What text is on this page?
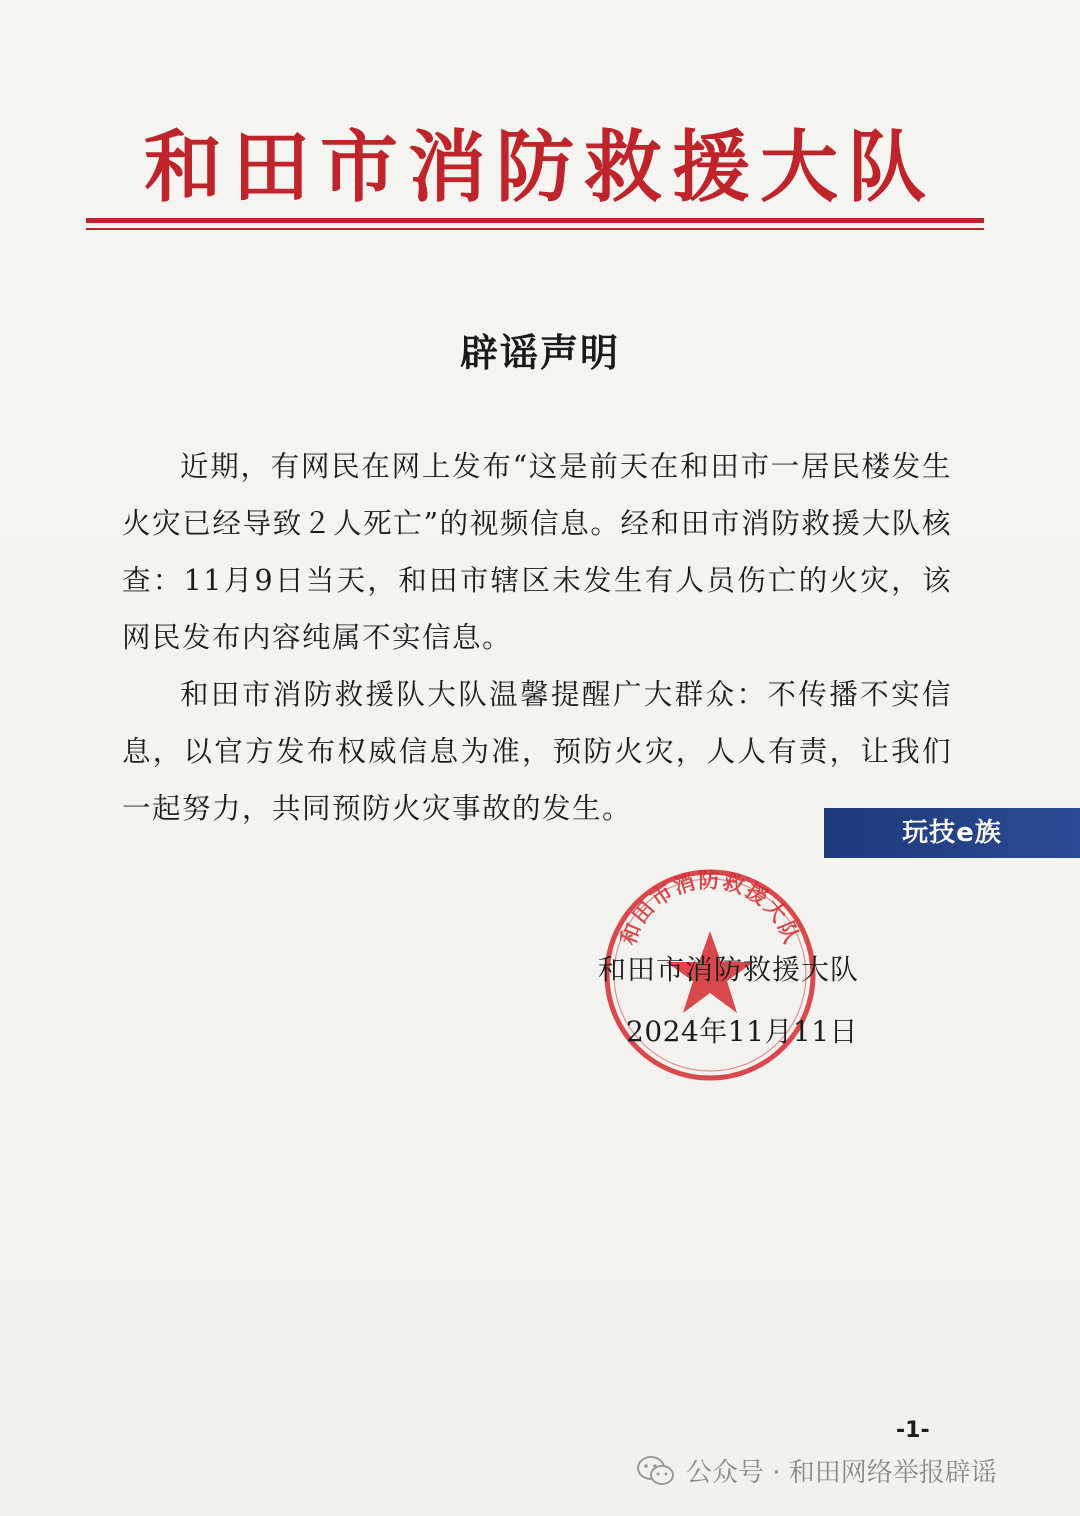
和田市消防救援大队
辟谣声明

近期，有网民在网上发布“这是前天在和田市一居民楼发生火灾已经导致２人死亡”的视频信息。经和田市消防救援大队核查：11月9日当天，和田市辖区未发生有人员伤亡的火灾，该网民发布内容纯属不实信息。

和田市消防救援队大队温馨提醒广大群众：不传播不实信息，以官方发布权威信息为准，预防火灾，人人有责，让我们一起努力，共同预防火灾事故的发生。

玩技e族
和田市消防救援大队
和田市消防救援大队
2024年11月11日
-1-
公众号 · 和田网络举报辟谣
